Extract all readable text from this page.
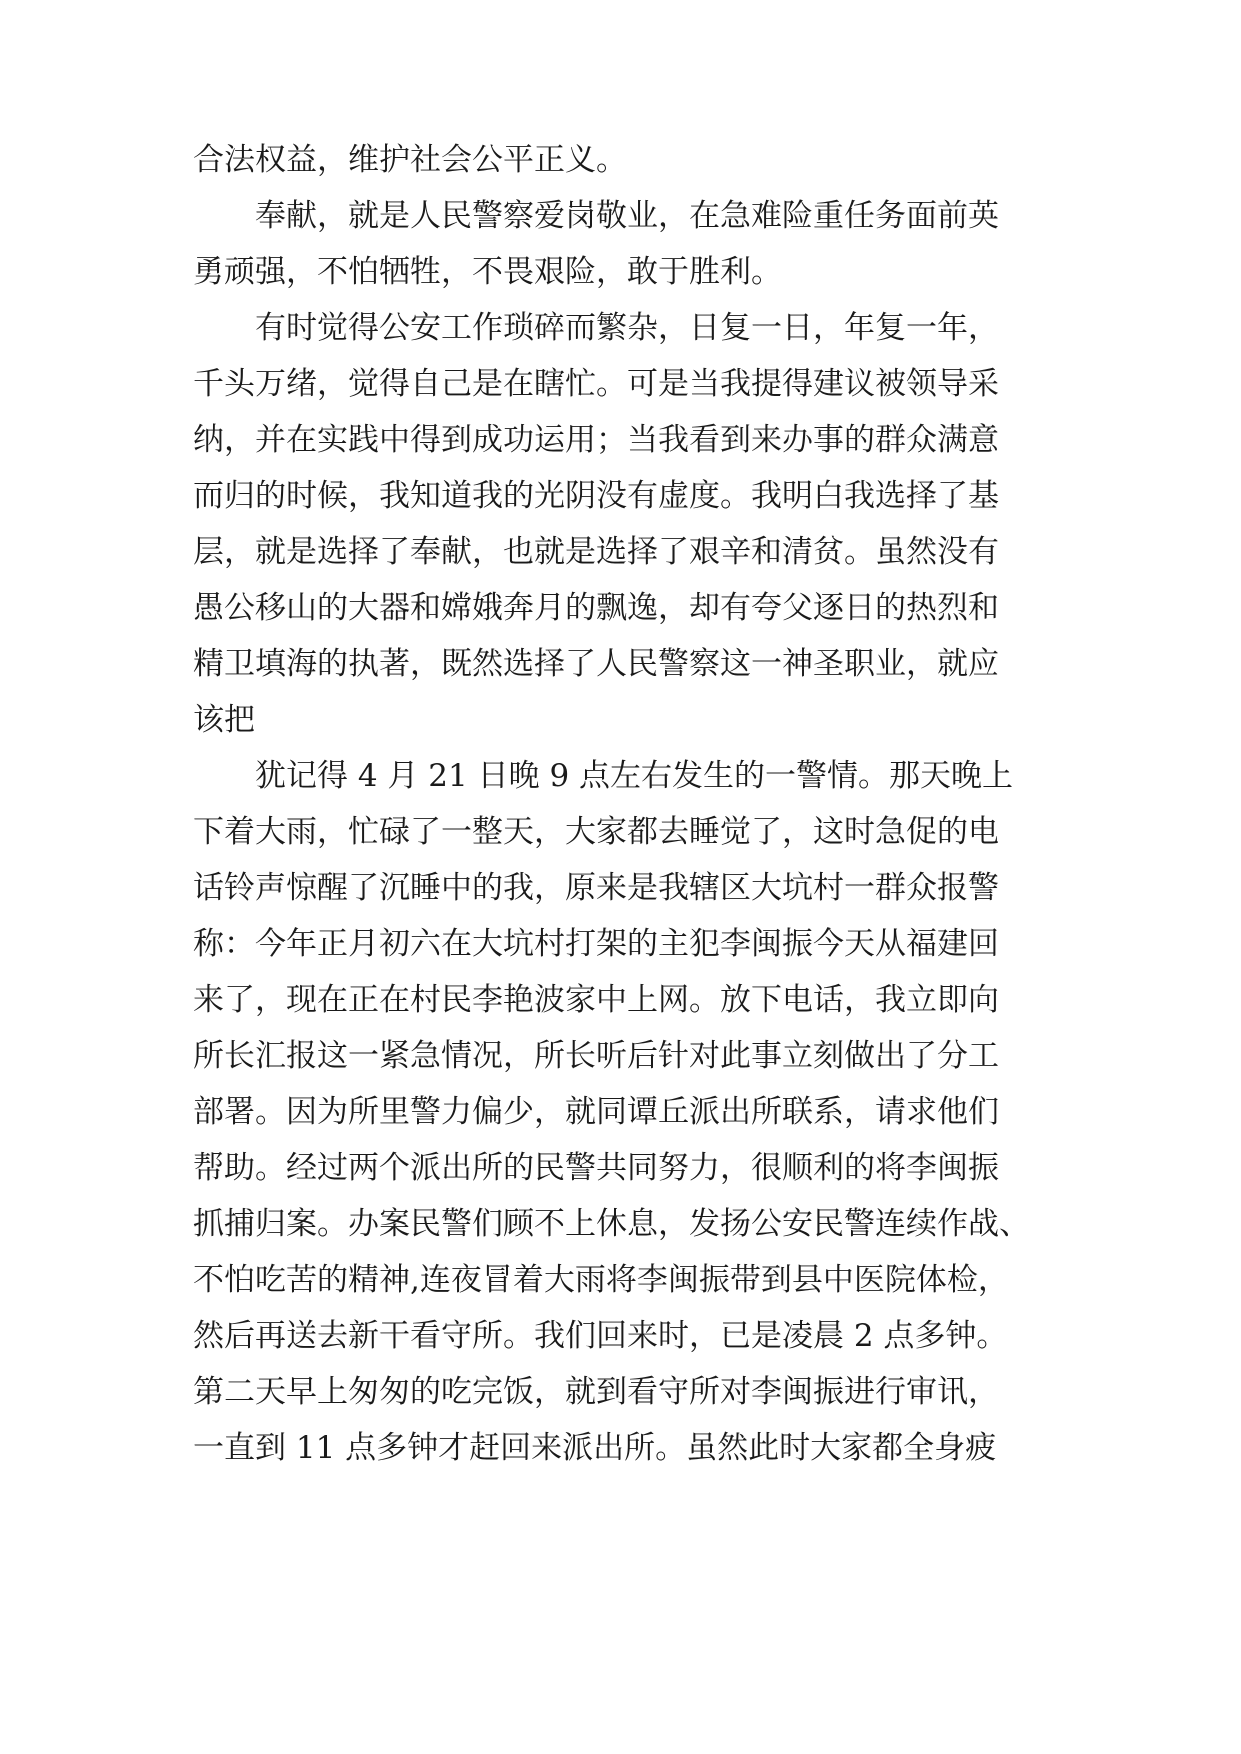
合法权益，维护社会公平正义。
　　奉献，就是人民警察爱岗敬业，在急难险重任务面前英
勇顽强，不怕牺牲，不畏艰险，敢于胜利。
　　有时觉得公安工作琐碎而繁杂，日复一日，年复一年，
千头万绪，觉得自己是在瞎忙。可是当我提得建议被领导采
纳，并在实践中得到成功运用；当我看到来办事的群众满意
而归的时候，我知道我的光阴没有虚度。我明白我选择了基
层，就是选择了奉献，也就是选择了艰辛和清贫。虽然没有
愚公移山的大器和嫦娥奔月的飘逸，却有夸父逐日的热烈和
精卫填海的执著，既然选择了人民警察这一神圣职业，就应
该把
　　犹记得 4 月 21 日晚 9 点左右发生的一警情。那天晚上
下着大雨，忙碌了一整天，大家都去睡觉了，这时急促的电
话铃声惊醒了沉睡中的我，原来是我辖区大坑村一群众报警
称：今年正月初六在大坑村打架的主犯李闽振今天从福建回
来了，现在正在村民李艳波家中上网。放下电话，我立即向
所长汇报这一紧急情况，所长听后针对此事立刻做出了分工
部署。因为所里警力偏少，就同谭丘派出所联系，请求他们
帮助。经过两个派出所的民警共同努力，很顺利的将李闽振
抓捕归案。办案民警们顾不上休息，发扬公安民警连续作战、
不怕吃苦的精神,连夜冒着大雨将李闽振带到县中医院体检，
然后再送去新干看守所。我们回来时，已是凌晨 2 点多钟。
第二天早上匆匆的吃完饭，就到看守所对李闽振进行审讯，
一直到 11 点多钟才赶回来派出所。虽然此时大家都全身疲
